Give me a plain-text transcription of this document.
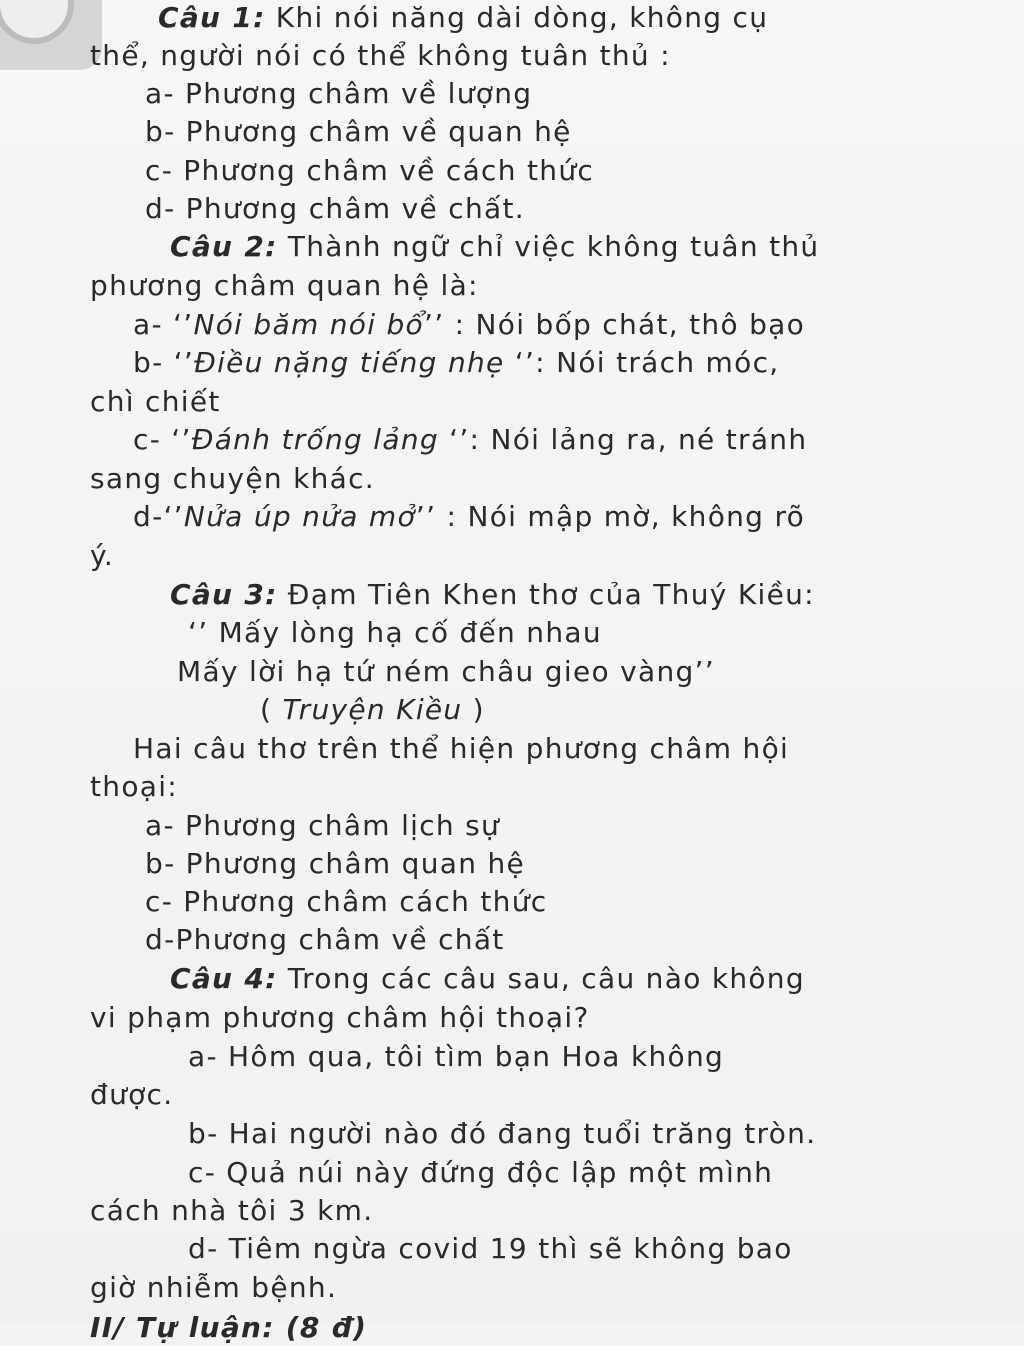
Câu 1: Khi nói năng dài dòng, không cụ
thể, người nói có thể không tuân thủ :
a- Phương châm về lượng
b- Phương châm về quan hệ
c- Phương châm về cách thức
d- Phương châm về chất.
Câu 2: Thành ngữ chỉ việc không tuân thủ
phương châm quan hệ là:
a- ‘’Nói băm nói bổ’’ : Nói bốp chát, thô bạo
b- ‘’Điều nặng tiếng nhẹ ‘’: Nói trách móc,
chì chiết
c- ‘’Đánh trống lảng ‘’: Nói lảng ra, né tránh
sang chuyện khác.
d-‘’Nửa úp nửa mở’’ : Nói mập mờ, không rõ
ý.
Câu 3: Đạm Tiên Khen thơ của Thuý Kiều:
‘’ Mấy lòng hạ cố đến nhau
Mấy lời hạ tứ ném châu gieo vàng’’
( Truyện Kiều )
Hai câu thơ trên thể hiện phương châm hội
thoại:
a- Phương châm lịch sự
b- Phương châm quan hệ
c- Phương châm cách thức
d-Phương châm về chất
Câu 4: Trong các câu sau, câu nào không
vi phạm phương châm hội thoại?
a- Hôm qua, tôi tìm bạn Hoa không
được.
b- Hai người nào đó đang tuổi trăng tròn.
c- Quả núi này đứng độc lập một mình
cách nhà tôi 3 km.
d- Tiêm ngừa covid 19 thì sẽ không bao
giờ nhiễm bệnh.
II/ Tự luận: (8 đ)
